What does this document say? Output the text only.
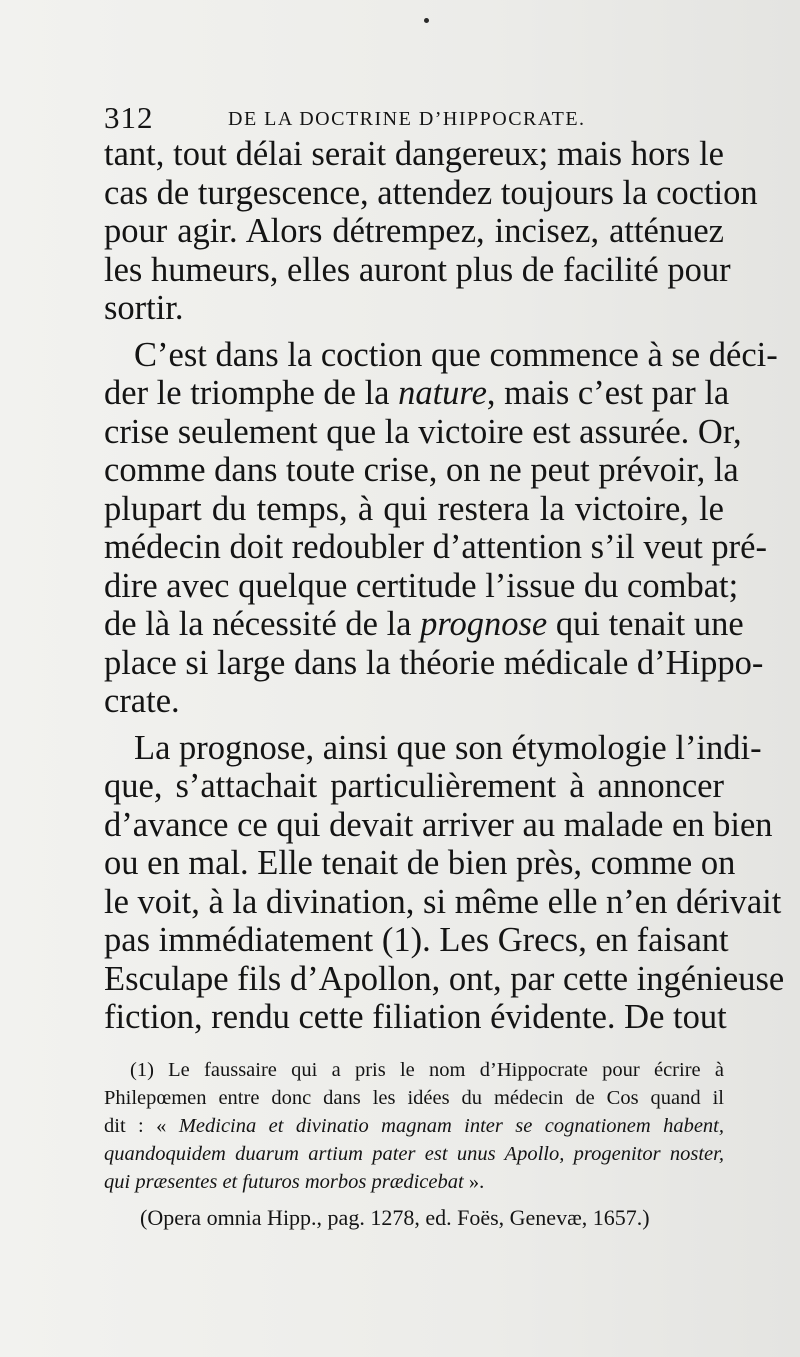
312	DE LA DOCTRINE D’HIPPOCRATE.
tant, tout délai serait dangereux; mais hors le
cas de turgescence, attendez toujours la coction
pour agir. Alors détrempez, incisez, atténuez
les humeurs, elles auront plus de facilité pour
sortir.
C’est dans la coction que commence à se déci-
der le triomphe de la nature, mais c’est par la
crise seulement que la victoire est assurée. Or,
comme dans toute crise, on ne peut prévoir, la
plupart du temps, à qui restera la victoire, le
médecin doit redoubler d’attention s’il veut pré-
dire avec quelque certitude l’issue du combat;
de là la nécessité de la prognose qui tenait une
place si large dans la théorie médicale d’Hippo-
crate.
La prognose, ainsi que son étymologie l’indi-
que, s’attachait particulièrement à annoncer
d’avance ce qui devait arriver au malade en bien
ou en mal. Elle tenait de bien près, comme on
le voit, à la divination, si même elle n’en dérivait
pas immédiatement (1). Les Grecs, en faisant
Esculape fils d’Apollon, ont, par cette ingénieuse
fiction, rendu cette filiation évidente. De tout
(1) Le faussaire qui a pris le nom d’Hippocrate pour écrire à
Philepœmen entre donc dans les idées du médecin de Cos quand il
dit : « Medicina et divinatio magnam inter se cognationem habent,
quandoquidem duarum artium pater est unus Apollo, progenitor noster,
qui præsentes et futuros morbos prædicebat ».
(Opera omnia Hipp., pag. 1278, ed. Foës, Genevæ, 1657.)
